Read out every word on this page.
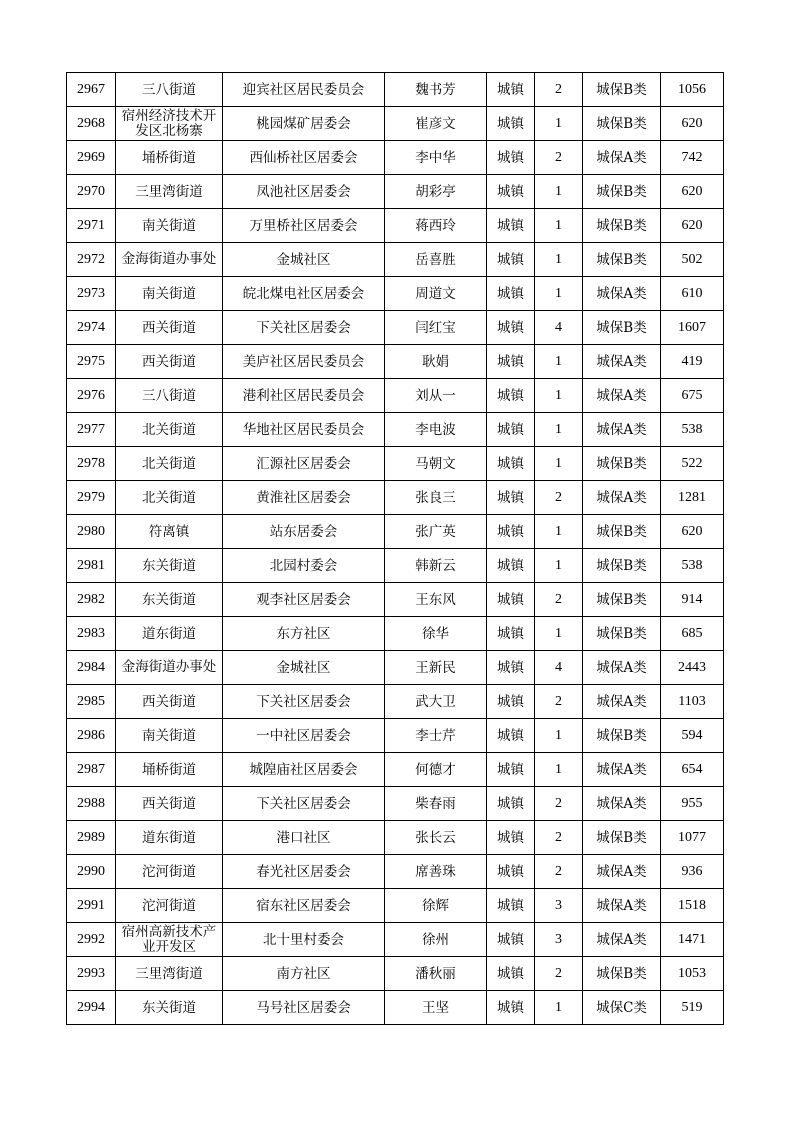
2967	三八街道	迎宾社区居民委员会	魏书芳	城镇	2	城保B类	1056
2968	宿州经济技术开发区北杨寨	桃园煤矿居委会	崔彦文	城镇	1	城保B类	620
2969	埇桥街道	西仙桥社区居委会	李中华	城镇	2	城保A类	742
2970	三里湾街道	凤池社区居委会	胡彩亭	城镇	1	城保B类	620
2971	南关街道	万里桥社区居委会	蒋西玲	城镇	1	城保B类	620
2972	金海街道办事处	金城社区	岳喜胜	城镇	1	城保B类	502
2973	南关街道	皖北煤电社区居委会	周道文	城镇	1	城保A类	610
2974	西关街道	下关社区居委会	闫红宝	城镇	4	城保B类	1607
2975	西关街道	美庐社区居民委员会	耿娟	城镇	1	城保A类	419
2976	三八街道	港利社区居民委员会	刘从一	城镇	1	城保A类	675
2977	北关街道	华地社区居民委员会	李电波	城镇	1	城保A类	538
2978	北关街道	汇源社区居委会	马朝文	城镇	1	城保B类	522
2979	北关街道	黄淮社区居委会	张良三	城镇	2	城保A类	1281
2980	符离镇	站东居委会	张广英	城镇	1	城保B类	620
2981	东关街道	北园村委会	韩新云	城镇	1	城保B类	538
2982	东关街道	观李社区居委会	王东风	城镇	2	城保B类	914
2983	道东街道	东方社区	徐华	城镇	1	城保B类	685
2984	金海街道办事处	金城社区	王新民	城镇	4	城保A类	2443
2985	西关街道	下关社区居委会	武大卫	城镇	2	城保A类	1103
2986	南关街道	一中社区居委会	李士芹	城镇	1	城保B类	594
2987	埇桥街道	城隍庙社区居委会	何德才	城镇	1	城保A类	654
2988	西关街道	下关社区居委会	柴春雨	城镇	2	城保A类	955
2989	道东街道	港口社区	张长云	城镇	2	城保B类	1077
2990	沱河街道	春光社区居委会	席善珠	城镇	2	城保A类	936
2991	沱河街道	宿东社区居委会	徐辉	城镇	3	城保A类	1518
2992	宿州高新技术产业开发区	北十里村委会	徐州	城镇	3	城保A类	1471
2993	三里湾街道	南方社区	潘秋丽	城镇	2	城保B类	1053
2994	东关街道	马号社区居委会	王坚	城镇	1	城保C类	519
